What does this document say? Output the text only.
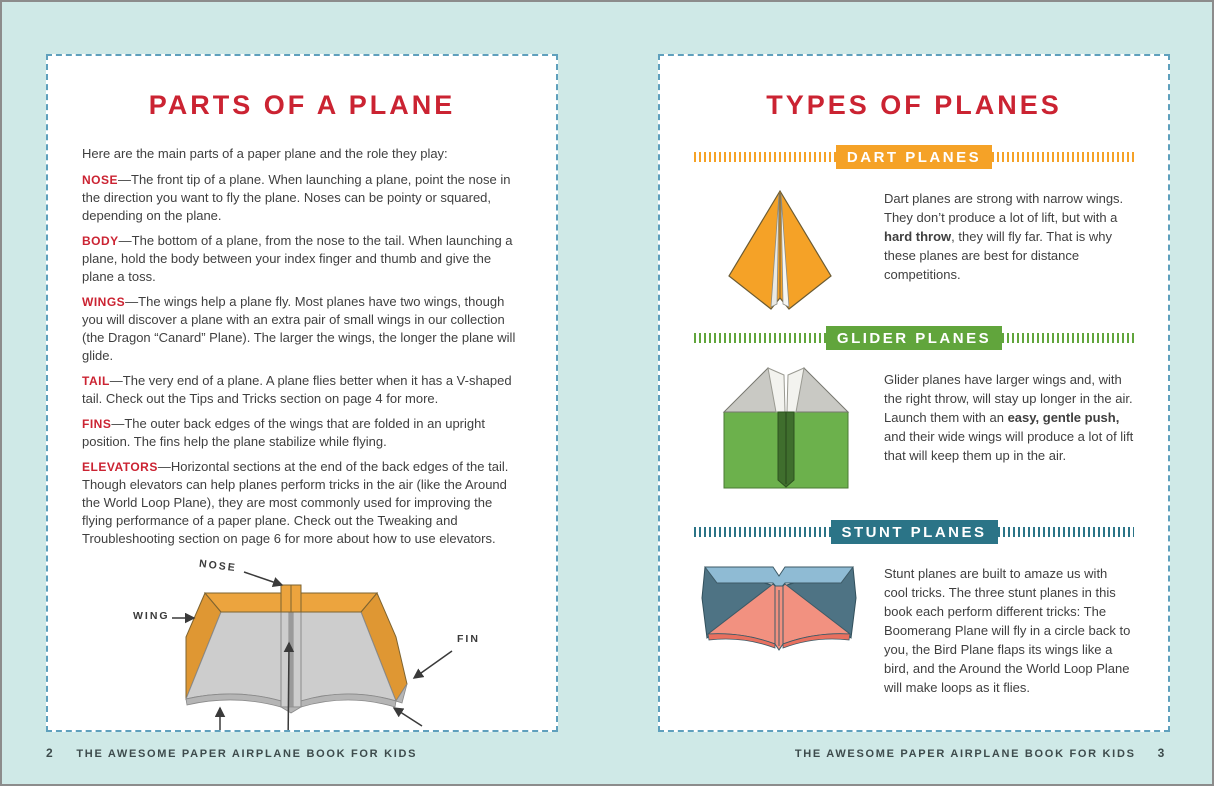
PARTS OF A PLANE

Here are the main parts of a paper plane and the role they play:

NOSE—The front tip of a plane. When launching a plane, point the nose in the direction you want to fly the plane. Noses can be pointy or squared, depending on the plane.

BODY—The bottom of a plane, from the nose to the tail. When launching a plane, hold the body between your index finger and thumb and give the plane a toss.

WINGS—The wings help a plane fly. Most planes have two wings, though you will discover a plane with an extra pair of small wings in our collection (the Dragon “Canard” Plane). The larger the wings, the longer the plane will glide.

TAIL—The very end of a plane. A plane flies better when it has a V-shaped tail. Check out the Tips and Tricks section on page 4 for more.

FINS—The outer back edges of the wings that are folded in an upright position. The fins help the plane stabilize while flying.

ELEVATORS—Horizontal sections at the end of the back edges of the tail. Though elevators can help planes perform tricks in the air (like the Around the World Loop Plane), they are most commonly used for improving the flying performance of a paper plane. Check out the Tweaking and Troubleshooting section on page 6 for more about how to use elevators.

NOSE
WING
FIN
TYPES OF PLANES
DART PLANES

Dart planes are strong with narrow wings. They don’t produce a lot of lift, but with a hard throw, they will fly far. That is why these planes are best for distance competitions.

GLIDER PLANES

Glider planes have larger wings and, with the right throw, will stay up longer in the air. Launch them with an easy, gentle push, and their wide wings will produce a lot of lift that will keep them up in the air.

STUNT PLANES

Stunt planes are built to amaze us with cool tricks. The three stunt planes in this book each perform different tricks: The Boomerang Plane will fly in a circle back to you, the Bird Plane flaps its wings like a bird, and the Around the World Loop Plane will make loops as it flies.

2 THE AWESOME PAPER AIRPLANE BOOK FOR KIDS	THE AWESOME PAPER AIRPLANE BOOK FOR KIDS 3
